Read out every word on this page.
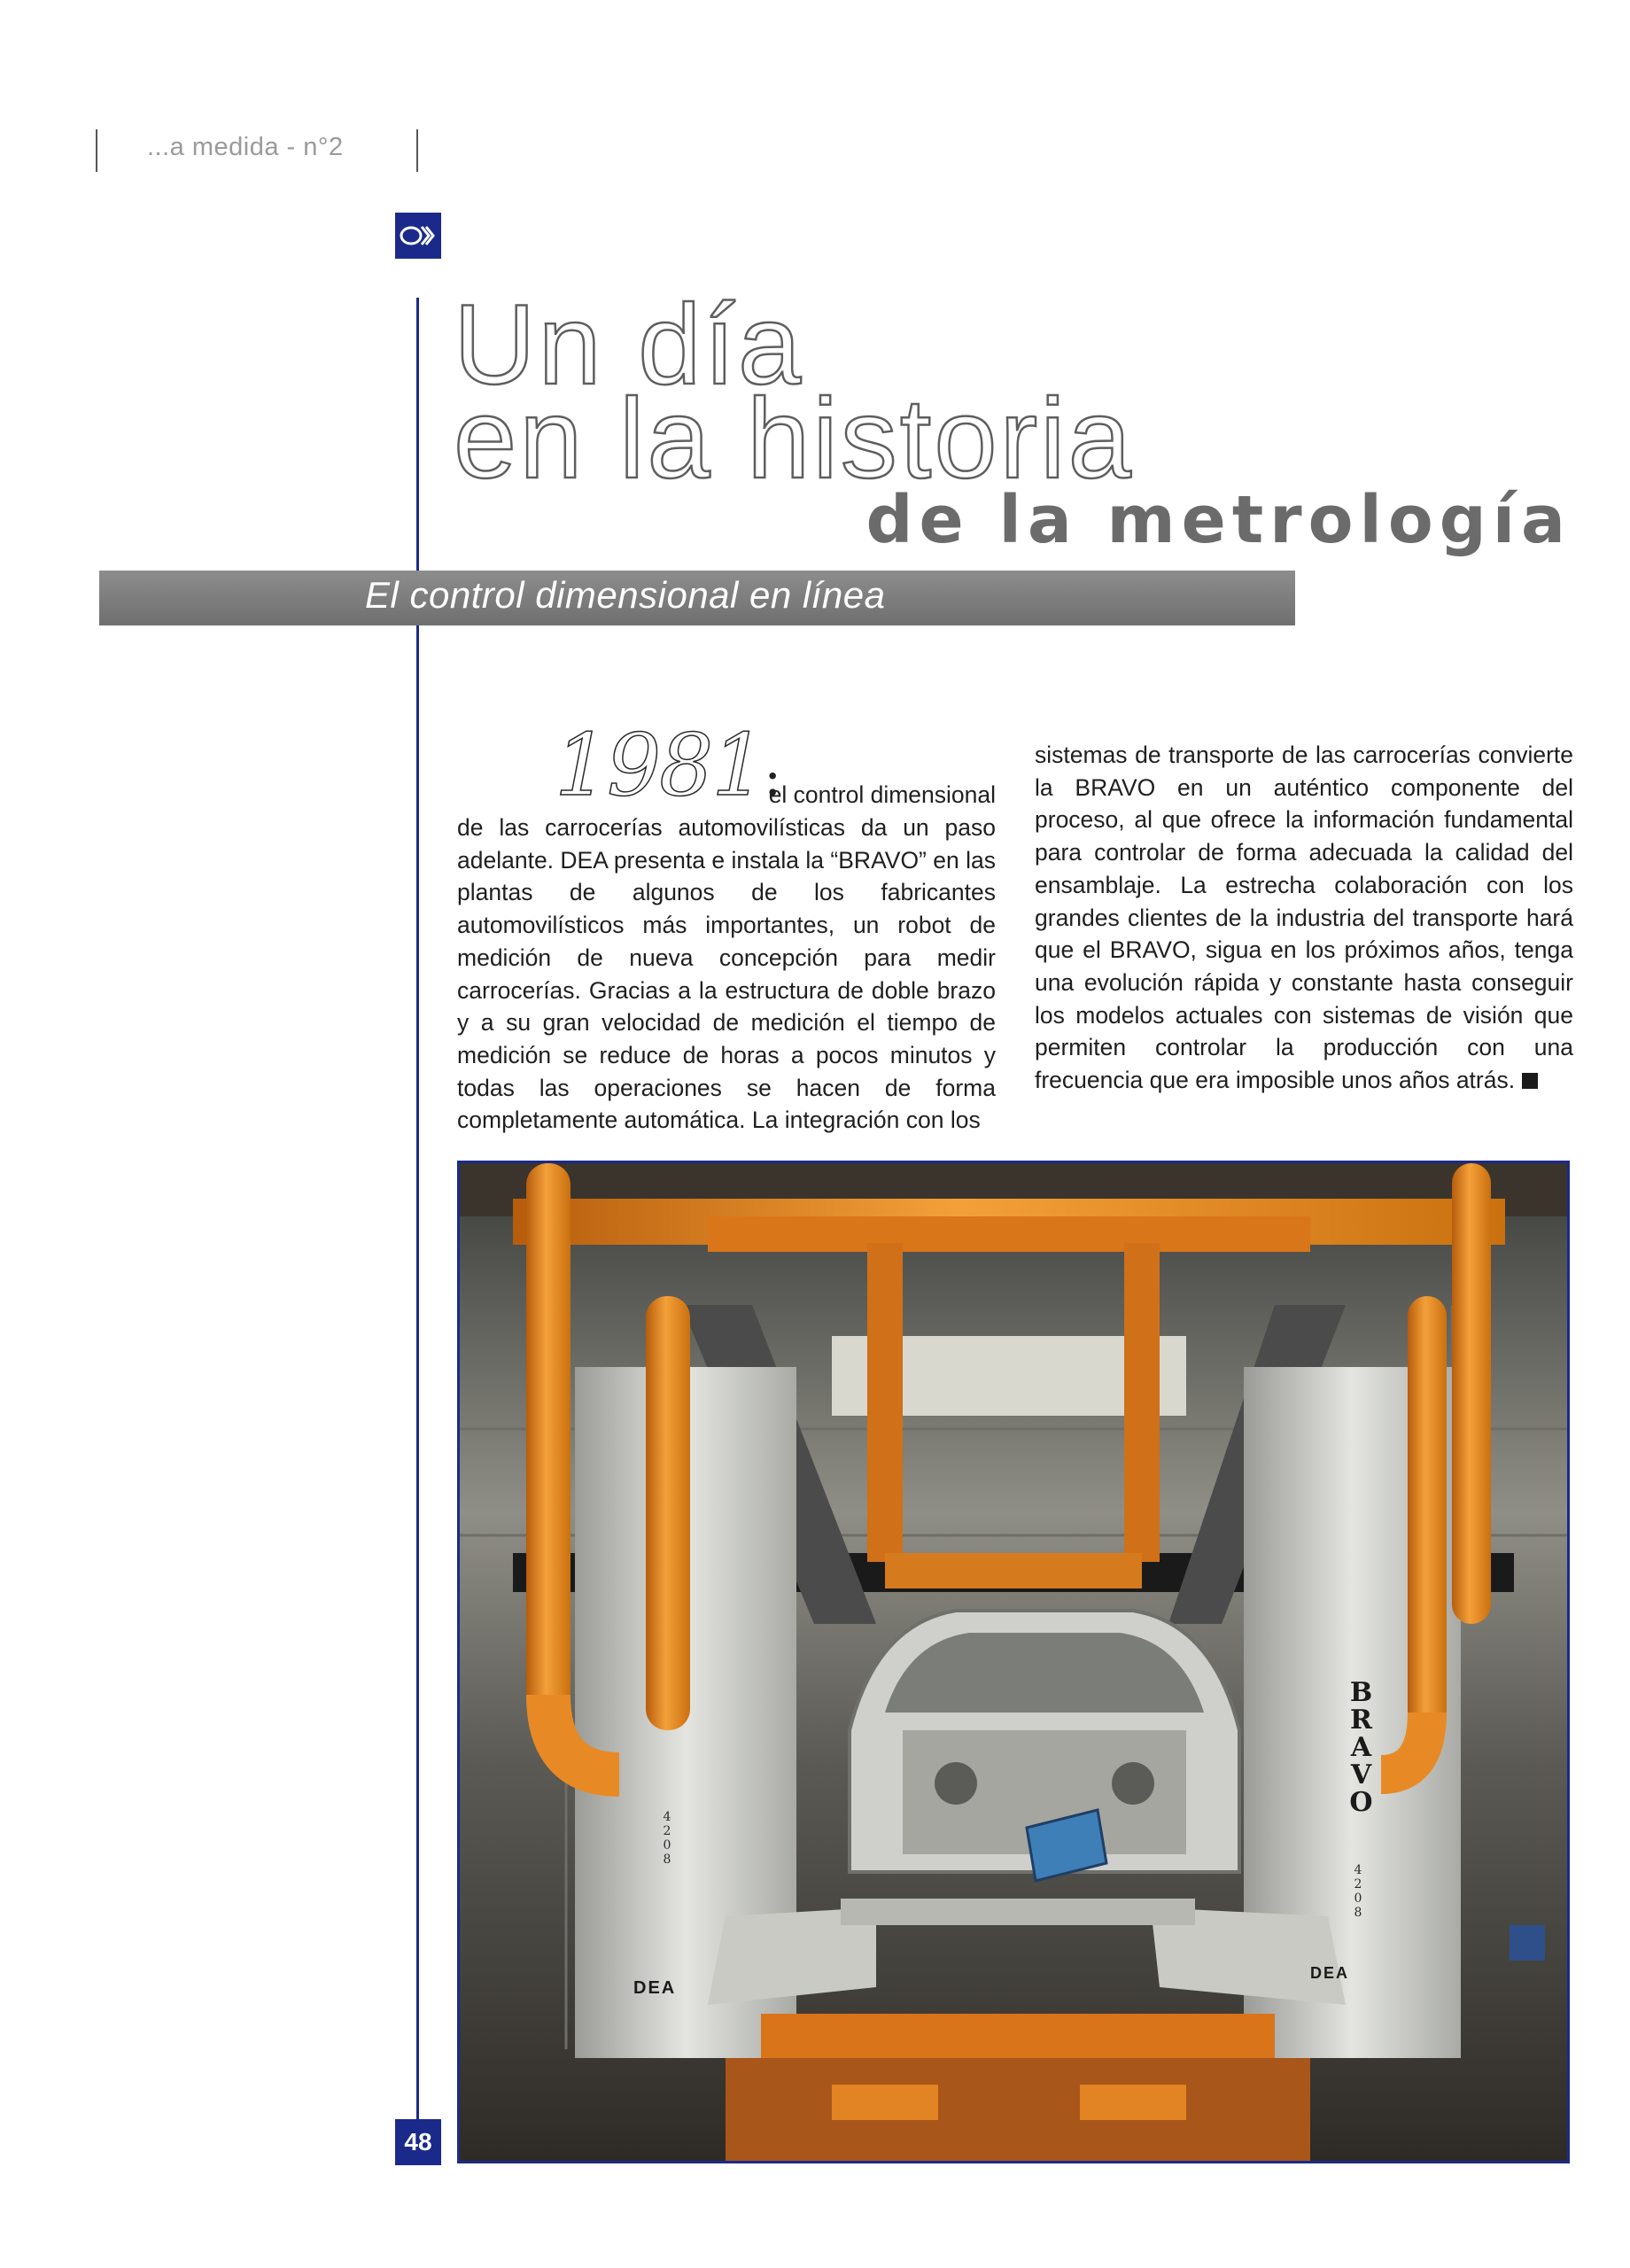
...a medida - n°2
Un día
en la historia
de la metrología
El control dimensional en línea
1981:
el control dimensional
de las carrocerías automovilísticas da un paso adelante. DEA presenta e instala la “BRAVO” en las plantas de algunos de los fabricantes automovilísticos más importantes, un robot de medición de nueva concepción para medir carrocerías. Gracias a la estructura de doble brazo y a su gran velocidad de medición el tiempo de medición se reduce de horas a pocos minutos y todas las operaciones se hacen de forma completamente automática. La integración con los
sistemas de transporte de las carrocerías convierte la BRAVO en un auténtico componente del proceso, al que ofrece la información fundamental para controlar de forma adecuada la calidad del ensamblaje. La estrecha colaboración con los grandes clientes de la industria del transporte hará que el BRAVO, sigua en los próximos años, tenga una evolución rápida y constante hasta conseguir los modelos actuales con sistemas de visión que permiten controlar la producción con una frecuencia que era imposible unos años atrás.
BRAVO
4208
4208
DEA
DEA
48
